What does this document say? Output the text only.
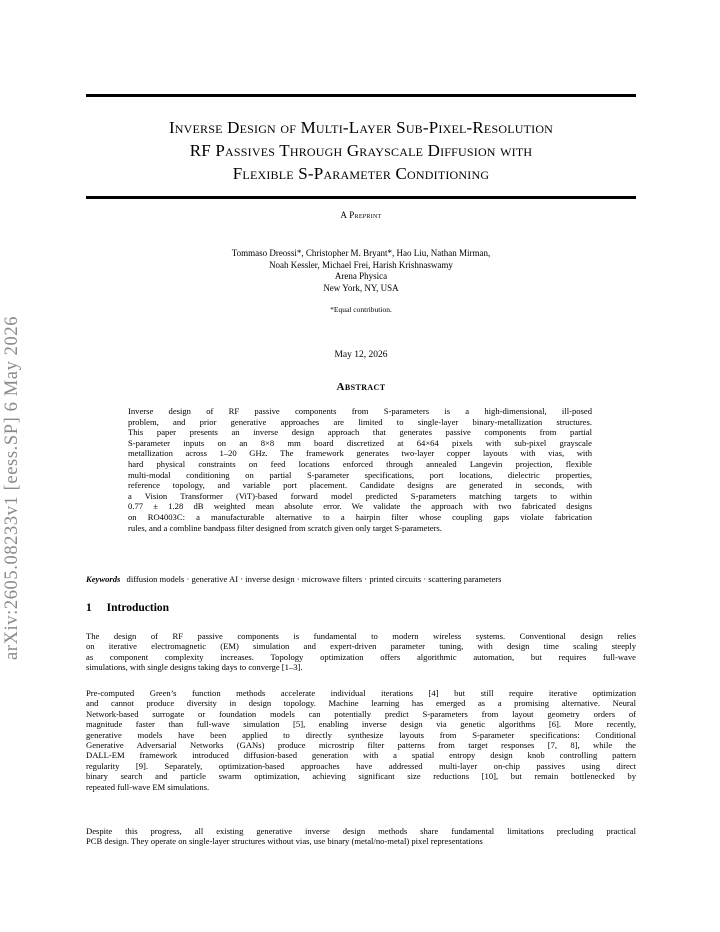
arXiv:2605.08233v1 [eess.SP] 6 May 2026
Inverse Design of Multi-Layer Sub-Pixel-Resolution
RF Passives Through Grayscale Diffusion with
Flexible S-Parameter Conditioning
A Preprint
Tommaso Dreossi*, Christopher M. Bryant*, Hao Liu, Nathan Mirman,
Noah Kessler, Michael Frei, Harish Krishnaswamy
Arena Physica
New York, NY, USA
*Equal contribution.
May 12, 2026
Abstract
Inverse design of RF passive components from S-parameters is a high-dimensional, ill-posed
problem, and prior generative approaches are limited to single-layer binary-metallization structures.
This paper presents an inverse design approach that generates passive components from partial
S-parameter inputs on an 8×8 mm board discretized at 64×64 pixels with sub-pixel grayscale
metallization across 1–20 GHz. The framework generates two-layer copper layouts with vias, with
hard physical constraints on feed locations enforced through annealed Langevin projection, flexible
multi-modal conditioning on partial S-parameter specifications, port locations, dielectric properties,
reference topology, and variable port placement. Candidate designs are generated in seconds, with
a Vision Transformer (ViT)-based forward model predicted S-parameters matching targets to within
0.77 ± 1.28 dB weighted mean absolute error. We validate the approach with two fabricated designs
on RO4003C: a manufacturable alternative to a hairpin filter whose coupling gaps violate fabrication
rules, and a combline bandpass filter designed from scratch given only target S-parameters.
Keywords diffusion models · generative AI · inverse design · microwave filters · printed circuits · scattering parameters
1 Introduction
The design of RF passive components is fundamental to modern wireless systems. Conventional design relies
on iterative electromagnetic (EM) simulation and expert-driven parameter tuning, with design time scaling steeply
as component complexity increases. Topology optimization offers algorithmic automation, but requires full-wave
simulations, with single designs taking days to converge [1–3].
Pre-computed Green’s function methods accelerate individual iterations [4] but still require iterative optimization
and cannot produce diversity in design topology. Machine learning has emerged as a promising alternative. Neural
Network-based surrogate or foundation models can potentially predict S-parameters from layout geometry orders of
magnitude faster than full-wave simulation [5], enabling inverse design via genetic algorithms [6]. More recently,
generative models have been applied to directly synthesize layouts from S-parameter specifications: Conditional
Generative Adversarial Networks (GANs) produce microstrip filter patterns from target responses [7, 8], while the
DALL-EM framework introduced diffusion-based generation with a spatial entropy design knob controlling pattern
regularity [9]. Separately, optimization-based approaches have addressed multi-layer on-chip passives using direct
binary search and particle swarm optimization, achieving significant size reductions [10], but remain bottlenecked by
repeated full-wave EM simulations.
Despite this progress, all existing generative inverse design methods share fundamental limitations precluding practical
PCB design. They operate on single-layer structures without vias, use binary (metal/no-metal) pixel representations
